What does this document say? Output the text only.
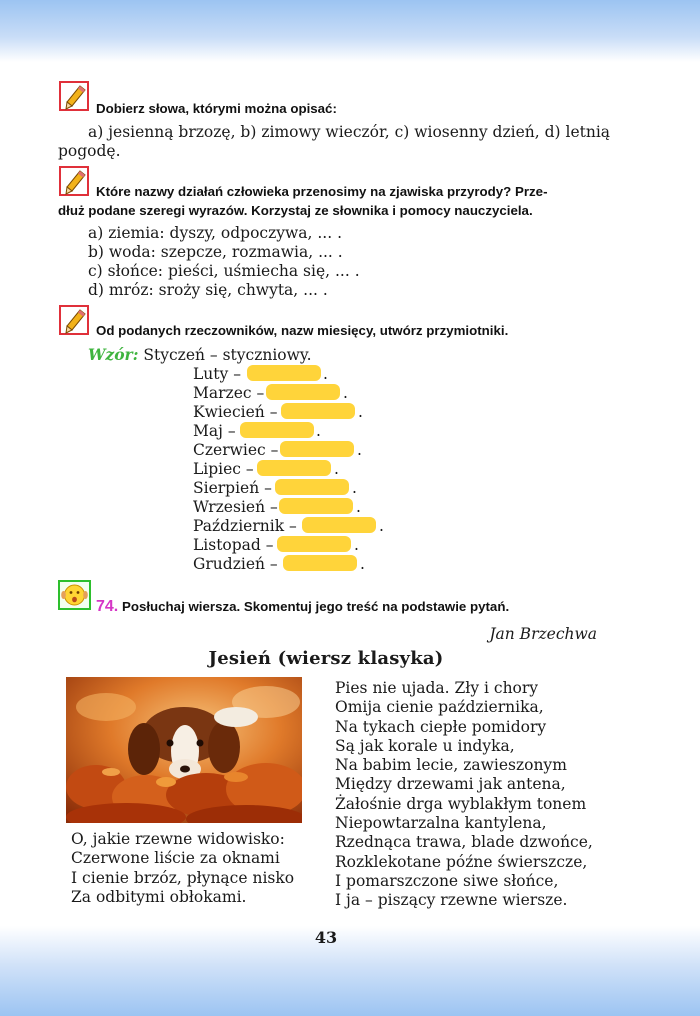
Dobierz słowa, którymi można opisać:
a) jesienną brzozę, b) zimowy wieczór, c) wiosenny dzień, d) letnią
pogodę.
Które nazwy działań człowieka przenosimy na zjawiska przyrody? Prze-
dłuż podane szeregi wyrazów. Korzystaj ze słownika i pomocy nauczyciela.
a) ziemia: dyszy, odpoczywa, ... .
b) woda: szepcze, rozmawia, ... .
c) słońce: pieści, uśmiecha się, ... .
d) mróz: sroży się, chwyta, ... .
Od podanych rzeczowników, nazw miesięcy, utwórz przymiotniki.
Wzór: Styczeń – styczniowy.
Luty –	.
Marzec –	.
Kwiecień –	.
Maj –	.
Czerwiec –	.
Lipiec –	.
Sierpień –	.
Wrzesień –	.
Październik –	.
Listopad –	.
Grudzień –	.
74. Posłuchaj wiersza. Skomentuj jego treść na podstawie pytań.
Jan Brzechwa
Jesień (wiersz klasyka)
O, jakie rzewne widowisko:
Czerwone liście za oknami
I cienie brzóz, płynące nisko
Za odbitymi obłokami.
Pies nie ujada. Zły i chory
Omija cienie października,
Na tykach ciepłe pomidory
Są jak korale u indyka,
Na babim lecie, zawieszonym
Między drzewami jak antena,
Żałośnie drga wyblakłym tonem
Niepowtarzalna kantylena,
Rzednąca trawa, blade dzwońce,
Rozklekotane późne świerszcze,
I pomarszczone siwe słońce,
I ja – piszący rzewne wiersze.
43
